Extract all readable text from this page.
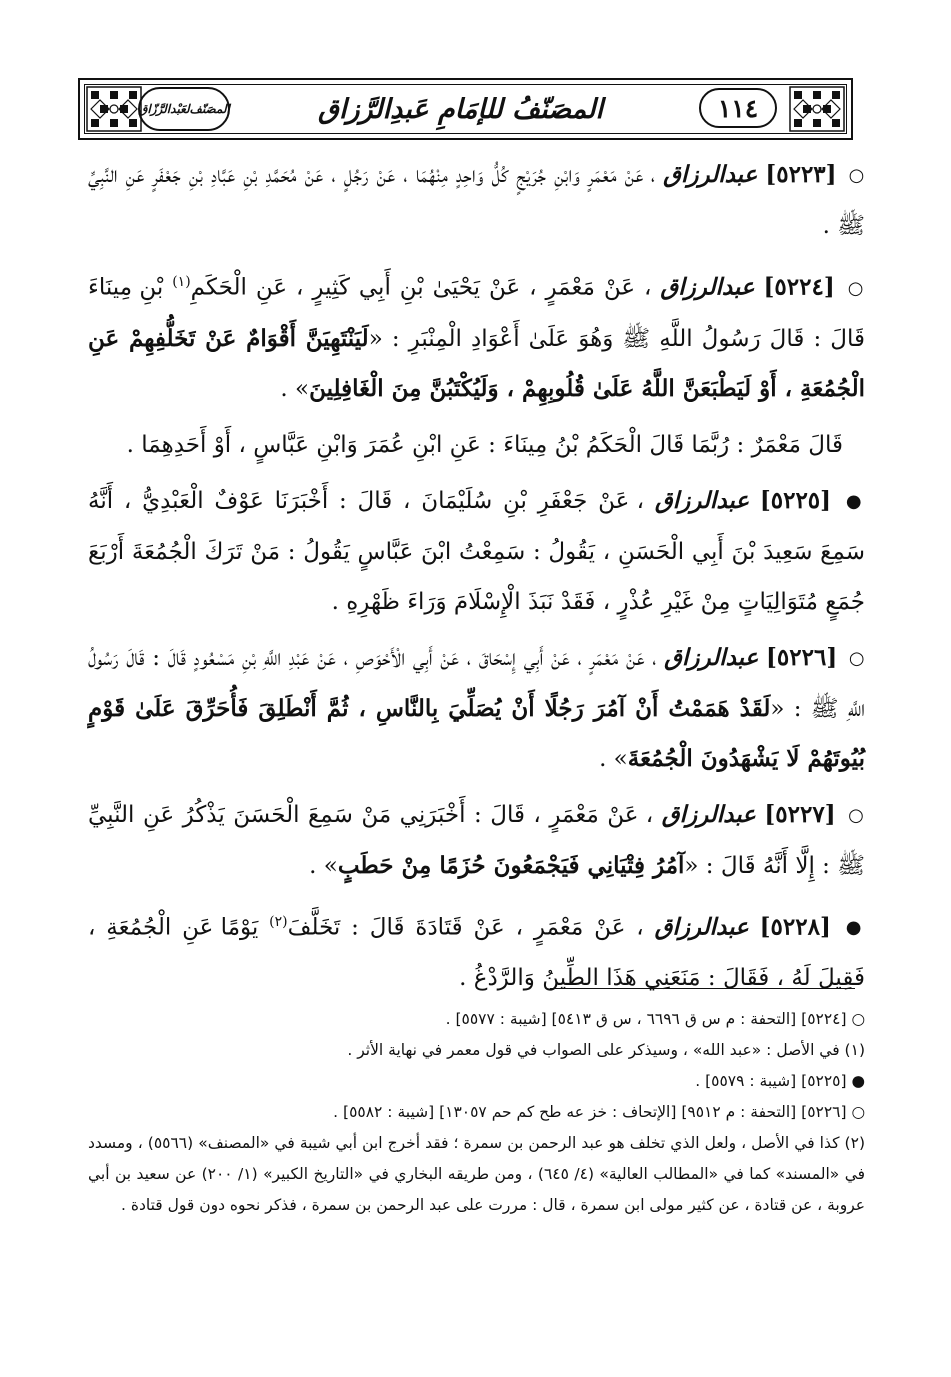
١١٤
المصَنّفُ للإمَامِ عَبدِالرَّزاق
المصَنّف
لعَبْدالرَّزّاق

○ [٥٢٢٣] عبدالرزاق ، عَنْ مَعْمَرٍ وَابْنِ جُرَيْجٍ كُلُّ وَاحِدٍ مِنْهُمَا ، عَنْ رَجُلٍ ، عَنْ مُحَمَّدِ بْنِ عَبَّادِ بْنِ جَعْفَرٍ عَنِ النَّبِيِّ ﷺ .

○ [٥٢٢٤] عبدالرزاق ، عَنْ مَعْمَرٍ ، عَنْ يَحْيَىٰ بْنِ أَبِي كَثِيرٍ ، عَنِ الْحَكَمِ$^{(١)}$ بْنِ مِينَاءَ قَالَ : قَالَ رَسُولُ اللَّهِ ﷺ وَهُوَ عَلَىٰ أَعْوَادِ الْمِنْبَرِ : «لَيَنْتَهِيَنَّ أَقْوَامٌ عَنْ تَخَلُّفِهِمْ عَنِ الْجُمُعَةِ ، أَوْ لَيَطْبَعَنَّ اللَّهُ عَلَىٰ قُلُوبِهِمْ ، وَلَيُكْتَبُنَّ مِنَ الْغَافِلِينَ» .

قَالَ مَعْمَرٌ : رُبَّمَا قَالَ الْحَكَمُ بْنُ مِينَاءَ : عَنِ ابْنِ عُمَرَ وَابْنِ عَبَّاسٍ ، أَوْ أَحَدِهِمَا .

● [٥٢٢٥] عبدالرزاق ، عَنْ جَعْفَرِ بْنِ سُلَيْمَانَ ، قَالَ : أَخْبَرَنَا عَوْفٌ الْعَبْدِيُّ ، أَنَّهُ سَمِعَ سَعِيدَ بْنَ أَبِي الْحَسَنِ ، يَقُولُ : سَمِعْتُ ابْنَ عَبَّاسٍ يَقُولُ : مَنْ تَرَكَ الْجُمُعَةَ أَرْبَعَ جُمَعٍ مُتَوَالِيَاتٍ مِنْ غَيْرِ عُذْرٍ ، فَقَدْ نَبَذَ الْإِسْلَامَ وَرَاءَ ظَهْرِهِ .

○ [٥٢٢٦] عبدالرزاق ، عَنْ مَعْمَرٍ ، عَنْ أَبِي إِسْحَاقَ ، عَنْ أَبِي الْأَحْوَصِ ، عَنْ عَبْدِ اللَّهِ بْنِ مَسْعُودٍ قَالَ : قَالَ رَسُولُ اللَّهِ ﷺ : «لَقَدْ هَمَمْتُ أَنْ آمُرَ رَجُلًا أَنْ يُصَلِّيَ بِالنَّاسِ ، ثُمَّ أَنْطَلِقَ فَأُحَرِّقَ عَلَىٰ قَوْمٍ بُيُوتَهُمْ لَا يَشْهَدُونَ الْجُمُعَةَ» .

○ [٥٢٢٧] عبدالرزاق ، عَنْ مَعْمَرٍ ، قَالَ : أَخْبَرَنِي مَنْ سَمِعَ الْحَسَنَ يَذْكُرُ عَنِ النَّبِيِّ ﷺ : إِلَّا أَنَّهُ قَالَ : «آمُرُ فِتْيَانِي فَيَجْمَعُونَ حُزَمًا مِنْ حَطَبٍ» .

● [٥٢٢٨] عبدالرزاق ، عَنْ مَعْمَرٍ ، عَنْ قَتَادَةَ قَالَ : تَخَلَّفَ$^{(٢)}$ يَوْمًا عَنِ الْجُمُعَةِ ، فَقِيلَ لَهُ ، فَقَالَ : مَنَعَنِي هَذَا الطِّينُ وَالرَّدْغُ .

○ [٥٢٢٤] [التحفة : م س ق ٦٦٩٦ ، س ق ٥٤١٣] [شيبة : ٥٥٧٧] .

(١) في الأصل : «عبد الله» ، وسيذكر على الصواب في قول معمر في نهاية الأثر .

● [٥٢٢٥] [شيبة : ٥٥٧٩] .

○ [٥٢٢٦] [التحفة : م ٩٥١٢] [الإتحاف : خز عه طح كم حم ١٣٠٥٧] [شيبة : ٥٥٨٢] .

(٢) كذا في الأصل ، ولعل الذي تخلف هو عبد الرحمن بن سمرة ؛ فقد أخرج ابن أبي شيبة في «المصنف» (٥٥٦٦) ، ومسدد في «المسند» كما في «المطالب العالية» (٤/ ٦٤٥) ، ومن طريقه البخاري في «التاريخ الكبير» (١/ ٢٠٠) عن سعيد بن أبي عروبة ، عن قتادة ، عن كثير مولى ابن سمرة ، قال : مررت على عبد الرحمن بن سمرة ، فذكر نحوه دون قول قتادة .
